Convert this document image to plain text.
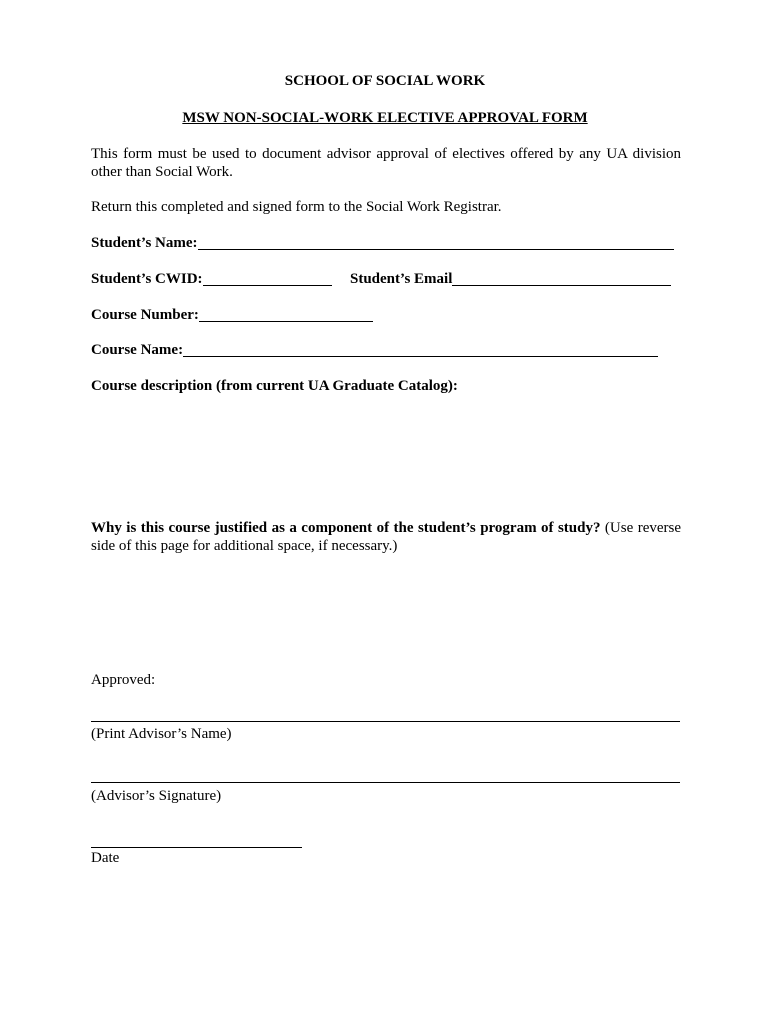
SCHOOL OF SOCIAL WORK
MSW NON-SOCIAL-WORK ELECTIVE APPROVAL FORM
This form must be used to document advisor approval of electives offered by any UA division other than Social Work.
Return this completed and signed form to the Social Work Registrar.
Student’s Name:
Student’s CWID:	Student’s Email
Course Number:
Course Name:
Course description (from current UA Graduate Catalog):
Why is this course justified as a component of the student’s program of study? (Use reverse side of this page for additional space, if necessary.)
Approved:
(Print Advisor’s Name)
(Advisor’s Signature)
Date
